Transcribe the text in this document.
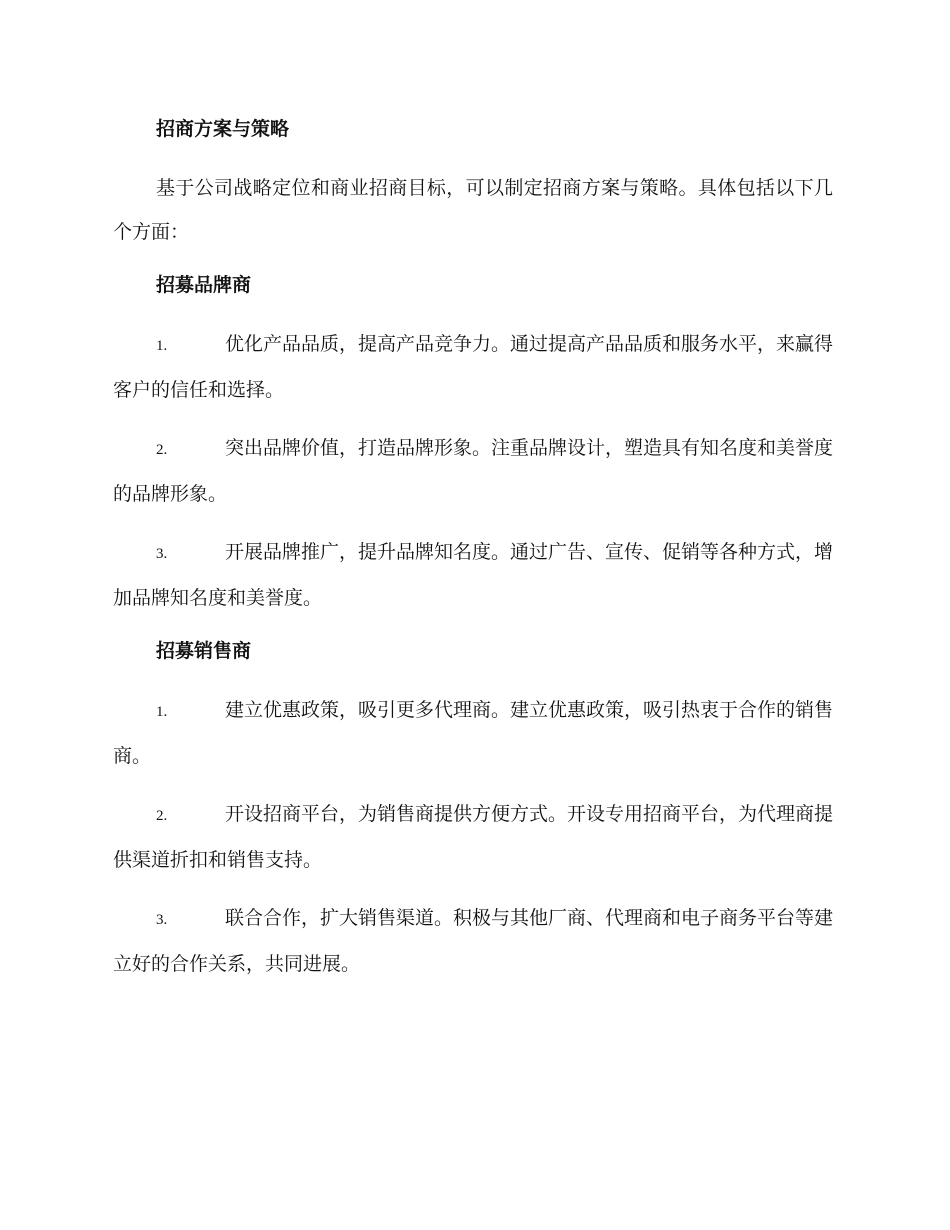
招商方案与策略
基于公司战略定位和商业招商目标，可以制定招商方案与策略。具体包括以下几个方面：
招募品牌商
1.	优化产品品质，提高产品竞争力。通过提高产品品质和服务水平，来赢得客户的信任和选择。
2.	突出品牌价值，打造品牌形象。注重品牌设计，塑造具有知名度和美誉度的品牌形象。
3.	开展品牌推广，提升品牌知名度。通过广告、宣传、促销等各种方式，增加品牌知名度和美誉度。
招募销售商
1.	建立优惠政策，吸引更多代理商。建立优惠政策，吸引热衷于合作的销售商。
2.	开设招商平台，为销售商提供方便方式。开设专用招商平台，为代理商提供渠道折扣和销售支持。
3.	联合合作，扩大销售渠道。积极与其他厂商、代理商和电子商务平台等建立好的合作关系，共同进展。
